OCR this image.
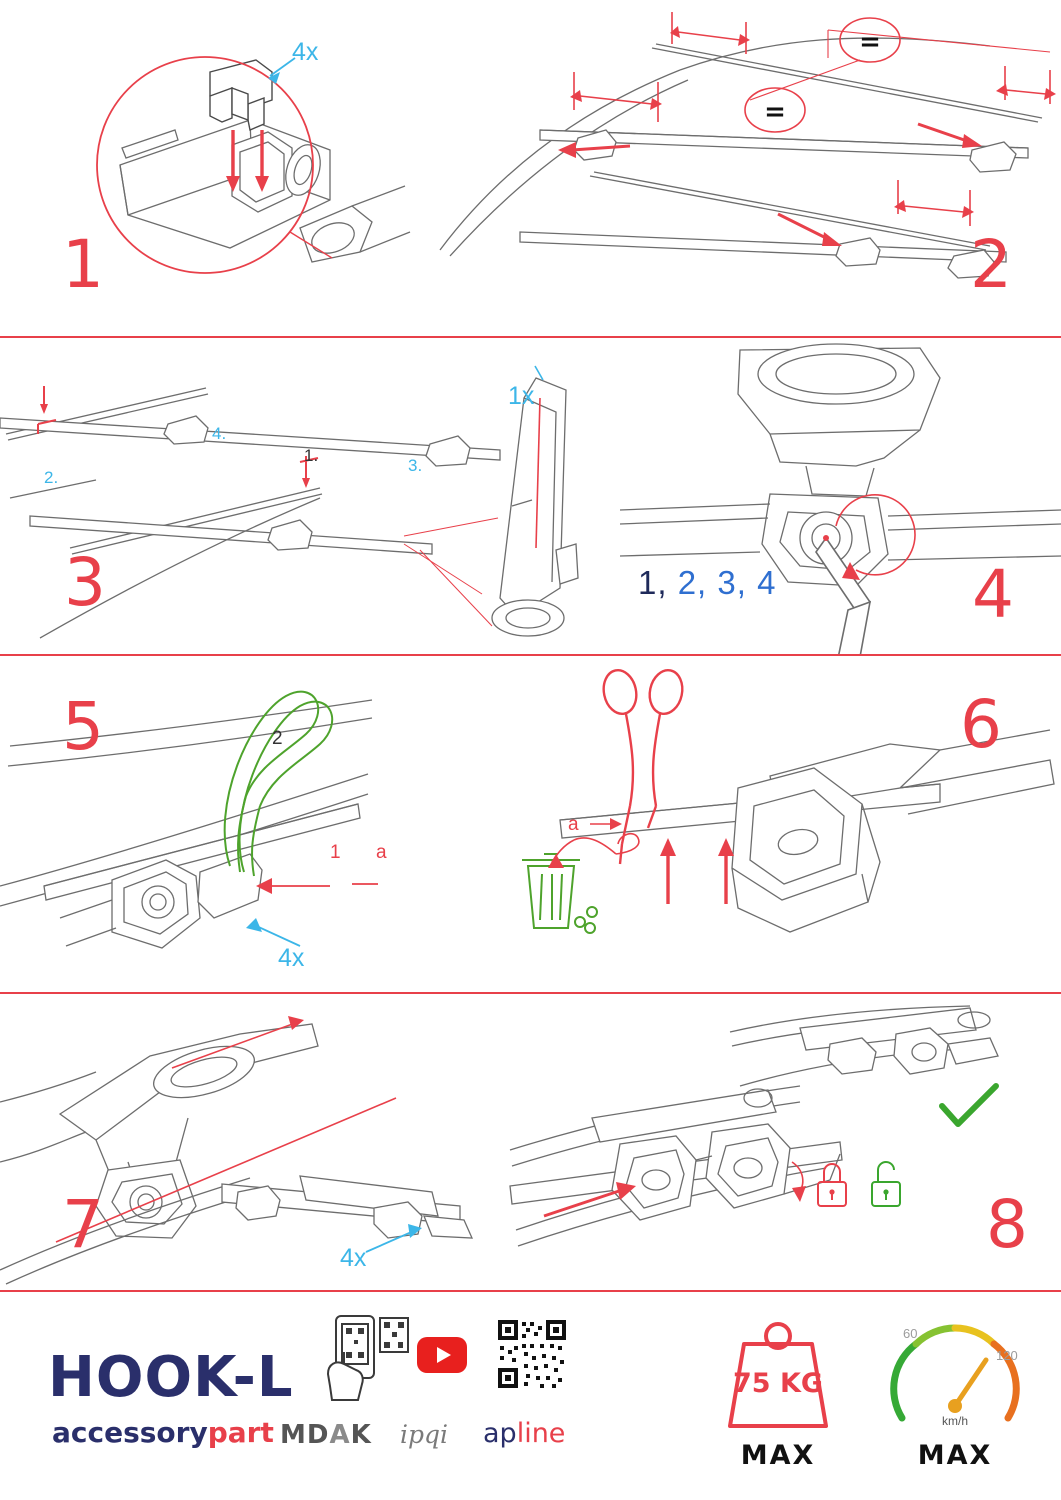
4x
1
=
=
2
1x
4.
1.
3.
2.
3	1, 2, 3, 4	4
5	2
1 a
4x
6
a
7	4x	8
HOOK-L
accessorypart MDAK ipqi apline
75 KG
MAX
60
120
km/h
MAX
